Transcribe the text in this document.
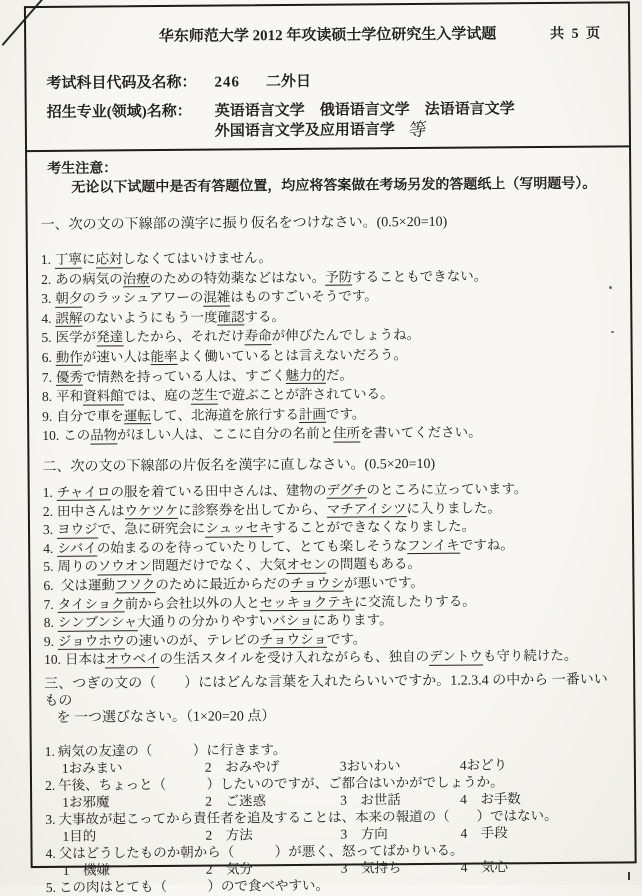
华东师范大学 2012 年攻读硕士学位研究生入学试题	共 5 页
考试科目代码及名称：	246 二外日
招生专业(领域)名称：	英语语言文学　俄语语言文学　法语语言文学
外国语言文学及应用语言学 等
考生注意：
无论以下试题中是否有答题位置，均应将答案做在考场另发的答题纸上（写明题号）。
一、次の文の下線部の漢字に振り仮名をつけなさい。(0.5×20=10)
1. 丁寧に応対しなくてはいけません。
2. あの病気の治療のための特効薬などはない。予防することもできない。
3. 朝夕のラッシュアワーの混雑はものすごいそうです。
4. 誤解のないようにもう一度確認する。
5. 医学が発達したから、それだけ寿命が伸びたんでしょうね。
6. 動作が速い人は能率よく働いているとは言えないだろう。
7. 優秀で情熱を持っている人は、すごく魅力的だ。
8. 平和資料館では、庭の芝生で遊ぶことが許されている。
9. 自分で車を運転して、北海道を旅行する計画です。
10. この品物がほしい人は、ここに自分の名前と住所を書いてください。
二、次の文の下線部の片仮名を漢字に直しなさい。(0.5×20=10)
1. チャイロの服を着ている田中さんは、建物のデグチのところに立っています。
2. 田中さんはウケツケに診察券を出してから、マチアイシツに入りました。
3. ヨウジで、急に研究会にシュッセキすることができなくなりました。
4. シバイの始まるのを待っていたりして、とても楽しそうなフンイキですね。
5. 周りのソウオン問題だけでなく、大気オセンの問題もある。
6. 父は運動フソクのために最近からだのチョウシが悪いです。
7. タイショク前から会社以外の人とセッキョクテキに交流したりする。
8. シンブンシャ大通りの分かりやすいバショにあります。
9. ジョウホウの速いのが、テレビのチョウショです。
10. 日本はオウベイの生活スタイルを受け入れながらも、独自のデントウも守り続けた。
三、つぎの文の（　　）にはどんな言葉を入れたらいいですか。1.2.3.4 の中から 一番いいもの
を 一つ選びなさい。（1×20=20 点）
1. 病気の友達の（　　　）に行きます。
1おみまい	2　おみやげ	3おいわい	4おどり
2. 午後、ちょっと（　　　）したいのですが、ご都合はいかがでしょうか。
1お邪魔	2　ご迷惑	3　お世話	4　お手数
3. 大事故が起こってから責任者を追及することは、本来の報道の（　　）ではない。
1目的	2　方法	3　方向	4　手段
4. 父はどうしたものか朝から（　　　）が悪く、怒ってばかりいる。
1　機嫌	2　気分	3　気持ち	4　気心
5. この肉はとても（　　　）ので食べやすい。
